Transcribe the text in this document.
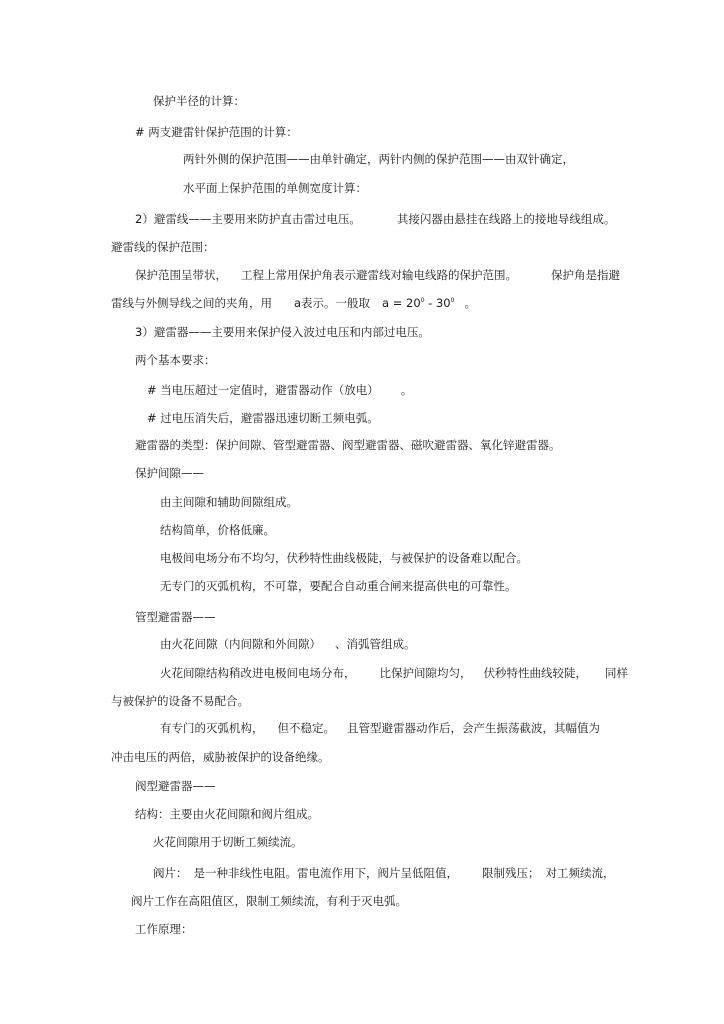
保护半径的计算：
# 两支避雷针保护范围的计算：
两针外侧的保护范围——由单针确定，两针内侧的保护范围——由双针确定，
水平面上保护范围的单侧宽度计算：
2）避雷线——主要用来防护直击雷过电压。	其接闪器由悬挂在线路上的接地导线组成。
避雷线的保护范围：
保护范围呈带状， 工程上常用保护角表示避雷线对输电线路的保护范围。	保护角是指避
雷线与外侧导线之间的夹角，用 a表示。一般取 $a = 20^0 - 30^0$ 。
3）避雷器——主要用来保护侵入波过电压和内部过电压。
两个基本要求：
# 当电压超过一定值时，避雷器动作（放电） 。
# 过电压消失后，避雷器迅速切断工频电弧。
避雷器的类型：保护间隙、管型避雷器、阀型避雷器、磁吹避雷器、氧化锌避雷器。
保护间隙——
由主间隙和辅助间隙组成。
结构简单，价格低廉。
电极间电场分布不均匀，伏秒特性曲线极陡，与被保护的设备难以配合。
无专门的灭弧机构，不可靠，要配合自动重合闸来提高供电的可靠性。
管型避雷器——
由火花间隙（内间隙和外间隙） 、消弧管组成。
火花间隙结构稍改进电极间电场分布， 比保护间隙均匀， 伏秒特性曲线较陡， 同样
与被保护的设备不易配合。
有专门的灭弧机构， 但不稳定。 且管型避雷器动作后，会产生振荡截波，其幅值为
冲击电压的两倍，威胁被保护的设备绝缘。
阀型避雷器——
结构：主要由火花间隙和阀片组成。
火花间隙用于切断工频续流。
阀片： 是一种非线性电阻。雷电流作用下，阀片呈低阻值， 限制残压； 对工频续流，
阀片工作在高阻值区，限制工频续流，有利于灭电弧。
工作原理：
